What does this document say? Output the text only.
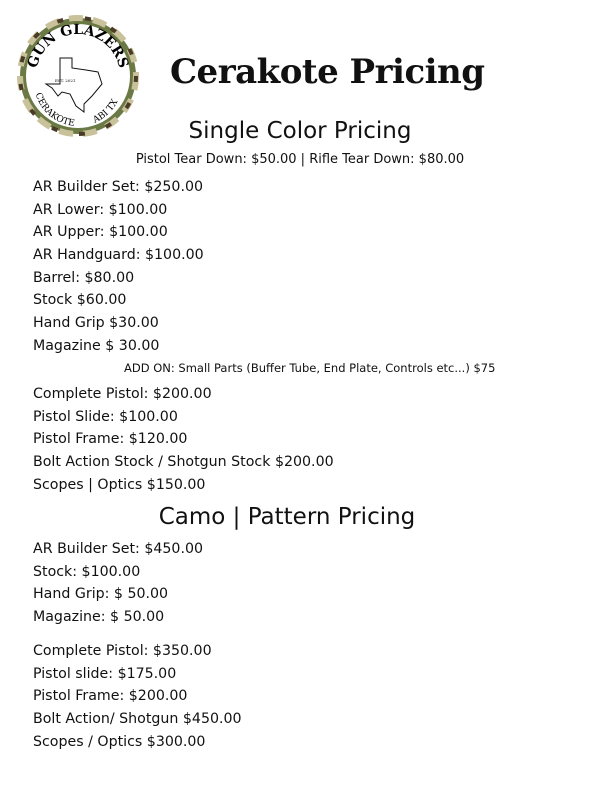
GUN GLAZERS
EST. 2021
CERAKOTE ABI TX
Cerakote Pricing
Single Color Pricing
Pistol Tear Down: $50.00 | Rifle Tear Down: $80.00
AR Builder Set: $250.00
AR Lower: $100.00
AR Upper: $100.00
AR Handguard: $100.00
Barrel: $80.00
Stock $60.00
Hand Grip $30.00
Magazine $ 30.00
ADD ON: Small Parts (Buffer Tube, End Plate, Controls etc...) $75
Complete Pistol: $200.00
Pistol Slide: $100.00
Pistol Frame: $120.00
Bolt Action Stock / Shotgun Stock $200.00
Scopes | Optics $150.00
Camo | Pattern Pricing
AR Builder Set: $450.00
Stock: $100.00
Hand Grip: $ 50.00
Magazine: $ 50.00
Complete Pistol: $350.00
Pistol slide: $175.00
Pistol Frame: $200.00
Bolt Action/ Shotgun $450.00
Scopes / Optics $300.00
